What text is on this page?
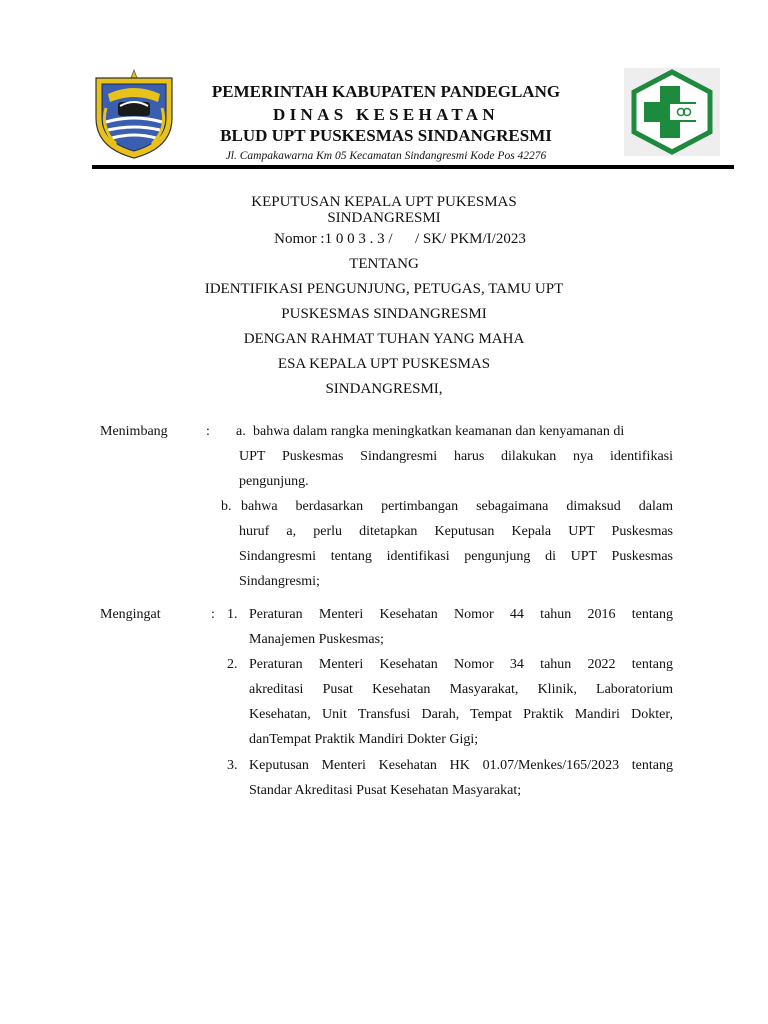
PEMERINTAH KABUPATEN PANDEGLANG
DINAS KESEHATAN
BLUD UPT PUSKESMAS SINDANGRESMI
Jl. Campakawarna Km 05 Kecamatan Sindangresmi Kode Pos 42276
KEPUTUSAN KEPALA UPT PUKESMAS
SINDANGRESMI
Nomor :1 0 0 3 . 3 /      / SK/ PKM/I/2023
TENTANG
IDENTIFIKASI PENGUNJUNG, PETUGAS, TAMU UPT
PUSKESMAS SINDANGRESMI
DENGAN RAHMAT TUHAN YANG MAHA
ESA KEPALA UPT PUSKESMAS
SINDANGRESMI,
Menimbang	: a. bahwa dalam rangka meningkatkan keamanan dan kenyamanan di
UPT Puskesmas Sindangresmi harus dilakukan nya identifikasi
pengunjung.
b. bahwa berdasarkan pertimbangan sebagaimana dimaksud dalam
huruf a, perlu ditetapkan Keputusan Kepala UPT Puskesmas
Sindangresmi tentang identifikasi pengunjung di UPT Puskesmas
Sindangresmi;
Mengingat	: 1. Peraturan Menteri Kesehatan Nomor 44 tahun 2016 tentang
Manajemen Puskesmas;
2. Peraturan Menteri Kesehatan Nomor 34 tahun 2022 tentang
akreditasi Pusat Kesehatan Masyarakat, Klinik, Laboratorium
Kesehatan, Unit Transfusi Darah, Tempat Praktik Mandiri Dokter,
danTempat Praktik Mandiri Dokter Gigi;
3. Keputusan Menteri Kesehatan HK 01.07/Menkes/165/2023 tentang
Standar Akreditasi Pusat Kesehatan Masyarakat;
